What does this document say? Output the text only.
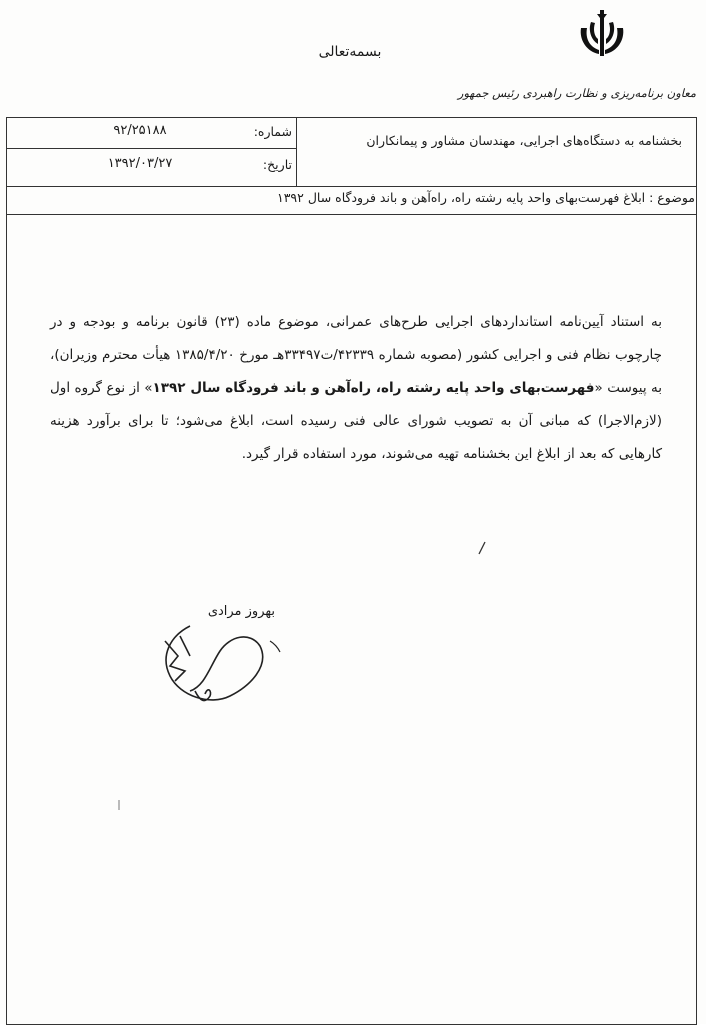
بسمه‌تعالی
معاون برنامه‌ریزی و نظارت راهبردی رئیس جمهور
شماره:
۹۲/۲۵۱۸۸
تاریخ:
۱۳۹۲/۰۳/۲۷
بخشنامه به دستگاه‌های اجرایی، مهندسان مشاور و پیمانکاران
موضوع : ابلاغ فهرست‌بهای واحد پایه رشته راه، راه‌آهن و باند فرودگاه سال ۱۳۹۲
به استناد آیین‌نامه استانداردهای اجرایی طرح‌های عمرانی، موضوع ماده (۲۳) قانون برنامه و بودجه و در چارچوب نظام فنی و اجرایی کشور (مصوبه شماره ۴۲۳۳۹/ت۳۳۴۹۷هـ مورخ ۱۳۸۵/۴/۲۰ هیأت محترم وزیران)، به پیوست «فهرست‌بهای واحد پایه رشته راه، راه‌آهن و باند فرودگاه سال ۱۳۹۲» از نوع گروه اول (لازم‌الاجرا) که مبانی آن به تصویب شورای عالی فنی رسیده است، ابلاغ می‌شود؛ تا برای برآورد هزینه کارهایی که بعد از ابلاغ این بخشنامه تهیه می‌شوند، مورد استفاده قرار گیرد.
بهروز مرادی
